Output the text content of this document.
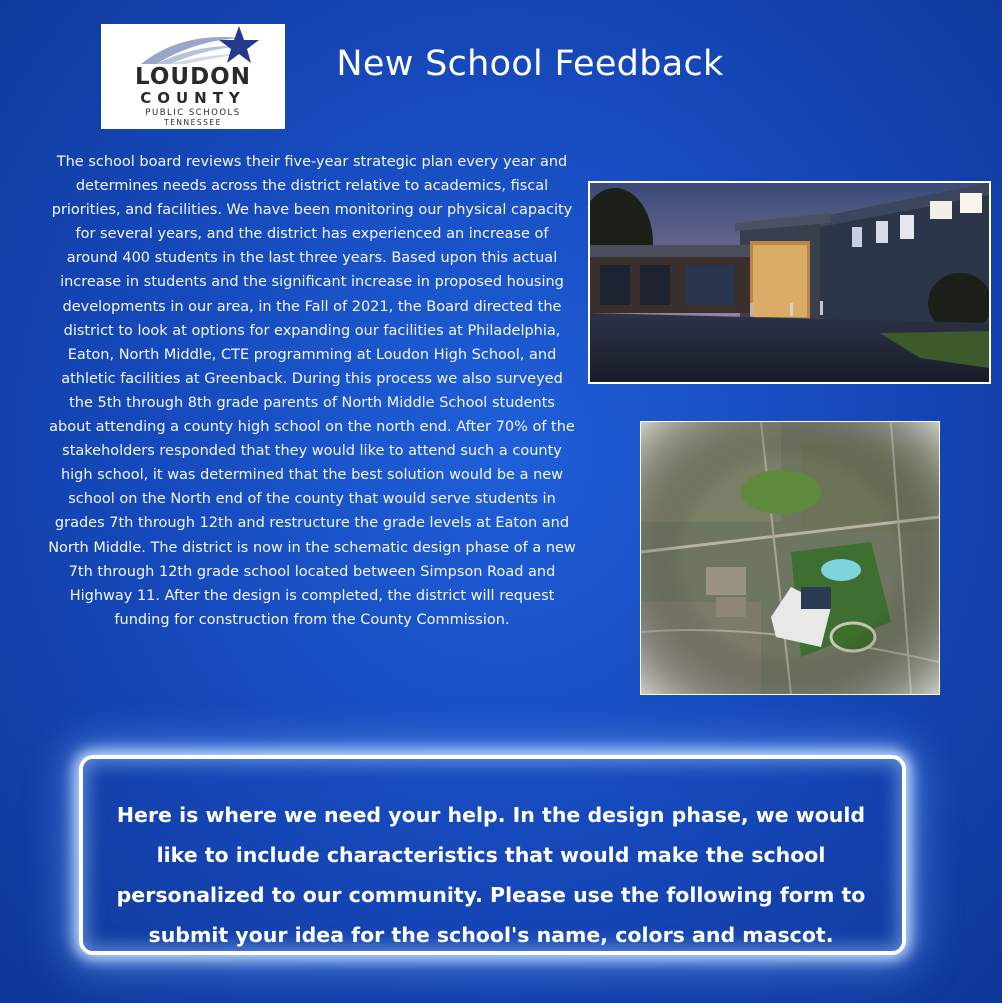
LOUDON
COUNTY
PUBLIC SCHOOLS
TENNESSEE
New School Feedback
The school board reviews their five-year strategic plan every year and determines needs across the district relative to academics, fiscal priorities, and facilities. We have been monitoring our physical capacity for several years, and the district has experienced an increase of around 400 students in the last three years. Based upon this actual increase in students and the significant increase in proposed housing developments in our area, in the Fall of 2021, the Board directed the district to look at options for expanding our facilities at Philadelphia, Eaton, North Middle, CTE programming at Loudon High School, and athletic facilities at Greenback. During this process we also surveyed the 5th through 8th grade parents of North Middle School students about attending a county high school on the north end. After 70% of the stakeholders responded that they would like to attend such a county high school, it was determined that the best solution would be a new school on the North end of the county that would serve students in grades 7th through 12th and restructure the grade levels at Eaton and North Middle. The district is now in the schematic design phase of a new 7th through 12th grade school located between Simpson Road and Highway 11. After the design is completed, the district will request funding for construction from the County Commission.
Here is where we need your help. In the design phase, we would like to include characteristics that would make the school personalized to our community. Please use the following form to submit your idea for the school's name, colors and mascot.
